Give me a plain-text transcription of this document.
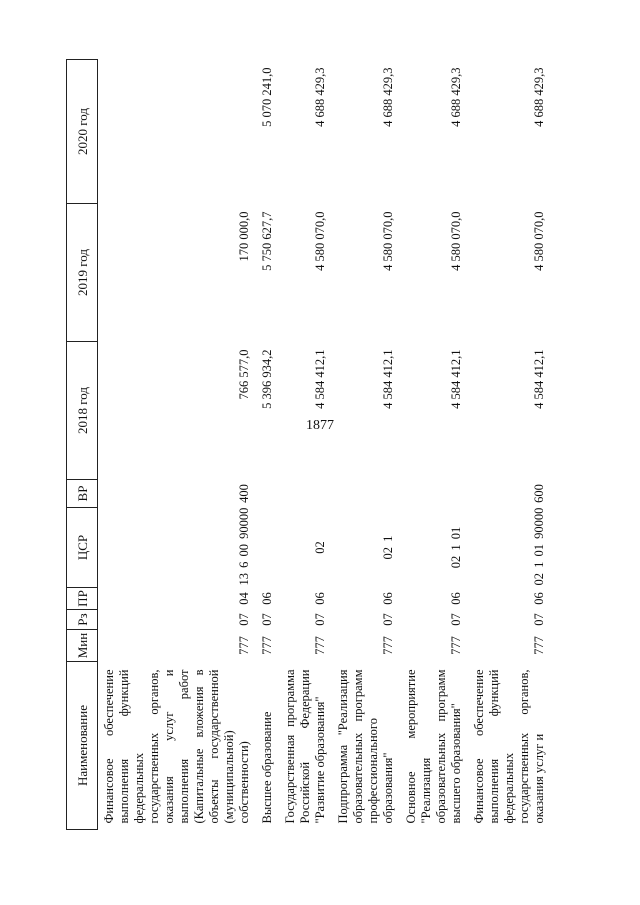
1877
Наименование	Мин	Рз	ПР	ЦСР	ВР	2018 год	2019 год	2020 год
Финансовое обеспечение выполнения функций федеральных государственных органов, оказания услуг и выполнения работ (Капитальные вложения в объекты государственной (муниципальной) собственности)	777	07	04	13 6 00 90000	400	766 577,0	170 000,0	
Высшее образование	777	07	06			5 396 934,2	5 750 627,7	5 070 241,0
Государственная программа Российской Федерации "Развитие образования"	777	07	06	02		4 584 412,1	4 580 070,0	4 688 429,3
Подпрограмма "Реализация образовательных программ профессионального образования"	777	07	06	02 1		4 584 412,1	4 580 070,0	4 688 429,3
Основное мероприятие "Реализация образовательных программ высшего образования"	777	07	06	02 1 01		4 584 412,1	4 580 070,0	4 688 429,3
Финансовое обеспечение выполнения функций федеральных государственных органов, оказания услуг и	777	07	06	02 1 01 90000	600	4 584 412,1	4 580 070,0	4 688 429,3
